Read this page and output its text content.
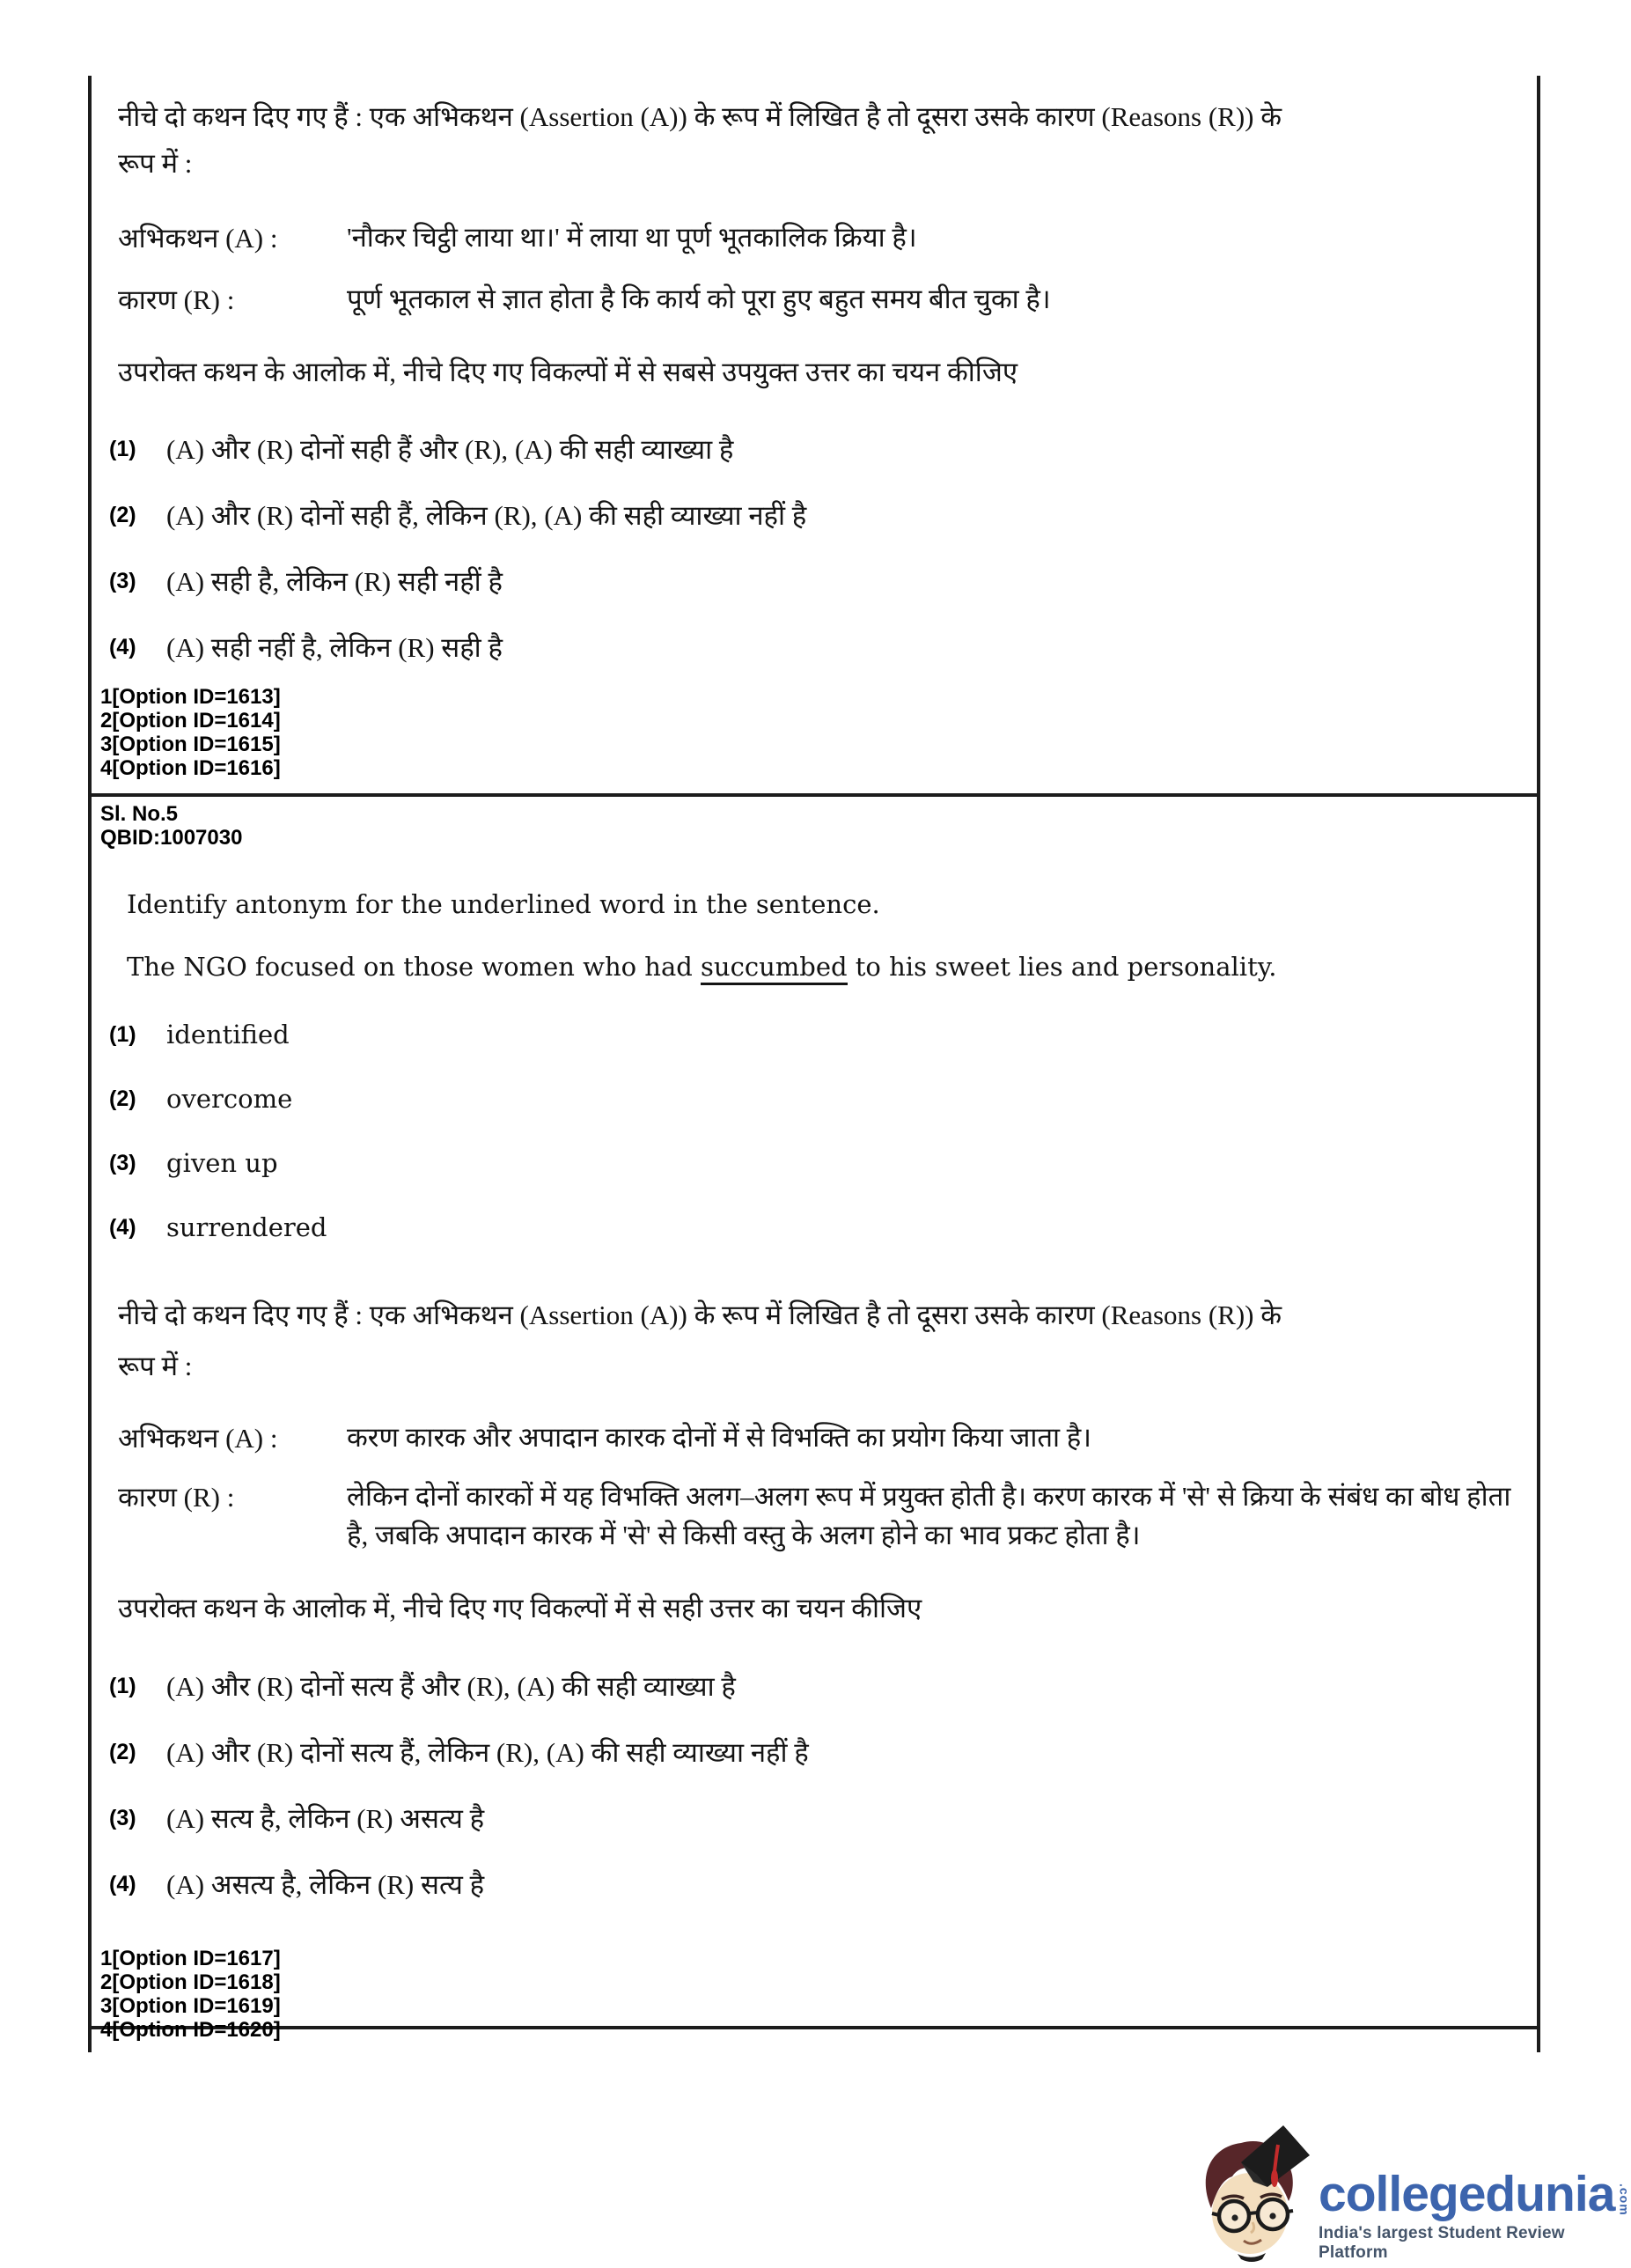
नीचे दो कथन दिए गए हैं : एक अभिकथन (Assertion (A)) के रूप में लिखित है तो दूसरा उसके कारण (Reasons (R)) के
रूप में :
अभिकथन (A) :	'नौकर चिट्ठी लाया था।' में लाया था पूर्ण भूतकालिक क्रिया है।
कारण (R) :	पूर्ण भूतकाल से ज्ञात होता है कि कार्य को पूरा हुए बहुत समय बीत चुका है।
उपरोक्त कथन के आलोक में, नीचे दिए गए विकल्पों में से सबसे उपयुक्त उत्तर का चयन कीजिए
(1)	(A) और (R) दोनों सही हैं और (R), (A) की सही व्याख्या है
(2)	(A) और (R) दोनों सही हैं, लेकिन (R), (A) की सही व्याख्या नहीं है
(3)	(A) सही है, लेकिन (R) सही नहीं है
(4)	(A) सही नहीं है, लेकिन (R) सही है
1[Option ID=1613]
2[Option ID=1614]
3[Option ID=1615]
4[Option ID=1616]
Sl. No.5
QBID:1007030
Identify antonym for the underlined word in the sentence.
The NGO focused on those women who had succumbed to his sweet lies and personality.
(1)	identified
(2)	overcome
(3)	given up
(4)	surrendered
नीचे दो कथन दिए गए हैं : एक अभिकथन (Assertion (A)) के रूप में लिखित है तो दूसरा उसके कारण (Reasons (R)) के
रूप में :
अभिकथन (A) :	करण कारक और अपादान कारक दोनों में से विभक्ति का प्रयोग किया जाता है।
कारण (R) :	लेकिन दोनों कारकों में यह विभक्ति अलग–अलग रूप में प्रयुक्त होती है। करण कारक में 'से' से क्रिया के संबंध का बोध होता है, जबकि अपादान कारक में 'से' से किसी वस्तु के अलग होने का भाव प्रकट होता है।
उपरोक्त कथन के आलोक में, नीचे दिए गए विकल्पों में से सही उत्तर का चयन कीजिए
(1)	(A) और (R) दोनों सत्य हैं और (R), (A) की सही व्याख्या है
(2)	(A) और (R) दोनों सत्य हैं, लेकिन (R), (A) की सही व्याख्या नहीं है
(3)	(A) सत्य है, लेकिन (R) असत्य है
(4)	(A) असत्य है, लेकिन (R) सत्य है
1[Option ID=1617]
2[Option ID=1618]
3[Option ID=1619]
4[Option ID=1620]
collegedunia .com
India's largest Student Review Platform
